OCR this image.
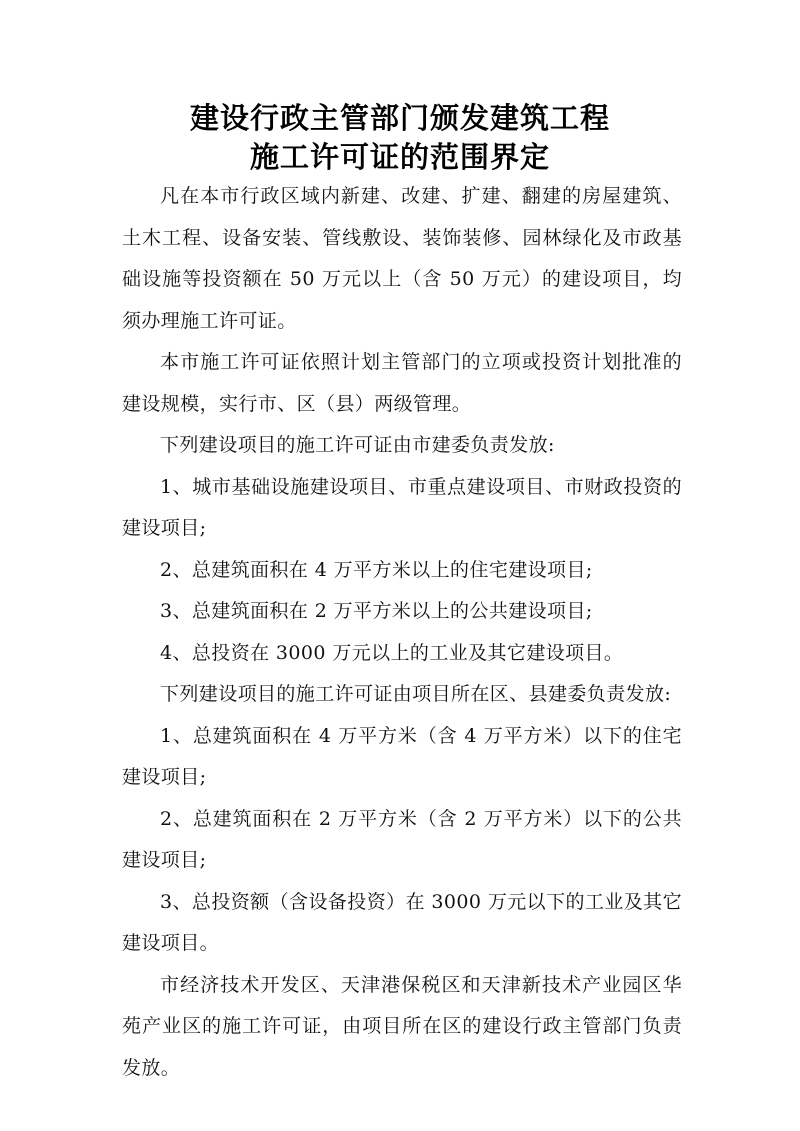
建设行政主管部门颁发建筑工程
施工许可证的范围界定

凡在本市行政区域内新建、改建、扩建、翻建的房屋建筑、土木工程、设备安装、管线敷设、装饰装修、园林绿化及市政基础设施等投资额在 50 万元以上（含 50 万元）的建设项目，均须办理施工许可证。

本市施工许可证依照计划主管部门的立项或投资计划批准的建设规模，实行市、区（县）两级管理。

下列建设项目的施工许可证由市建委负责发放:

1、城市基础设施建设项目、市重点建设项目、市财政投资的建设项目;

2、总建筑面积在 4 万平方米以上的住宅建设项目;

3、总建筑面积在 2 万平方米以上的公共建设项目;

4、总投资在 3000 万元以上的工业及其它建设项目。

下列建设项目的施工许可证由项目所在区、县建委负责发放:

1、总建筑面积在 4 万平方米（含 4 万平方米）以下的住宅建设项目;

2、总建筑面积在 2 万平方米（含 2 万平方米）以下的公共建设项目;

3、总投资额（含设备投资）在 3000 万元以下的工业及其它建设项目。

市经济技术开发区、天津港保税区和天津新技术产业园区华苑产业区的施工许可证，由项目所在区的建设行政主管部门负责发放。
